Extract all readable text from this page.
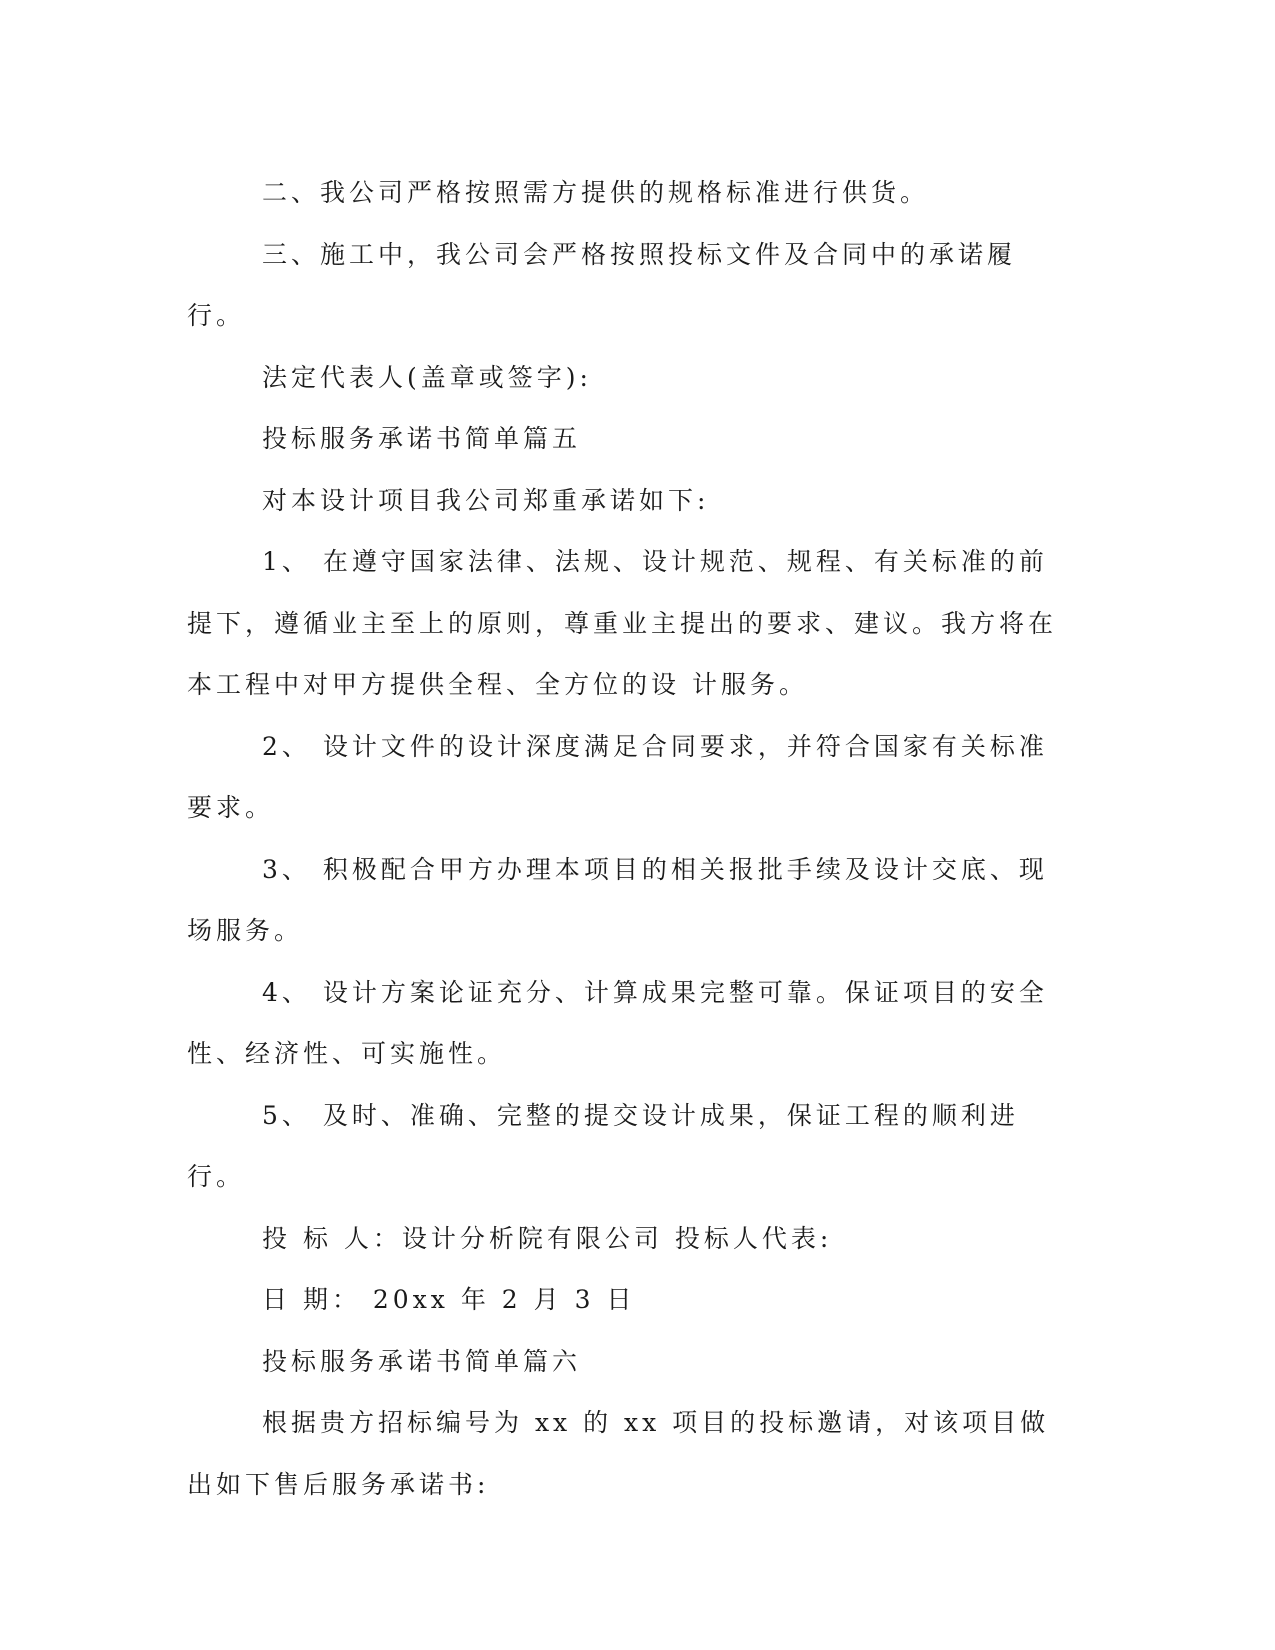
二、我公司严格按照需方提供的规格标准进行供货。

三、施工中，我公司会严格按照投标文件及合同中的承诺履行。

法定代表人(盖章或签字):

投标服务承诺书简单篇五

对本设计项目我公司郑重承诺如下:

1、 在遵守国家法律、法规、设计规范、规程、有关标准的前提下，遵循业主至上的原则，尊重业主提出的要求、建议。我方将在本工程中对甲方提供全程、全方位的设 计服务。

2、 设计文件的设计深度满足合同要求，并符合国家有关标准要求。

3、 积极配合甲方办理本项目的相关报批手续及设计交底、现场服务。

4、 设计方案论证充分、计算成果完整可靠。保证项目的安全性、经济性、可实施性。

5、 及时、准确、完整的提交设计成果，保证工程的顺利进行。

投 标 人：设计分析院有限公司 投标人代表:

日 期： 20xx 年 2 月 3 日

投标服务承诺书简单篇六

根据贵方招标编号为 xx 的 xx 项目的投标邀请，对该项目做出如下售后服务承诺书:
